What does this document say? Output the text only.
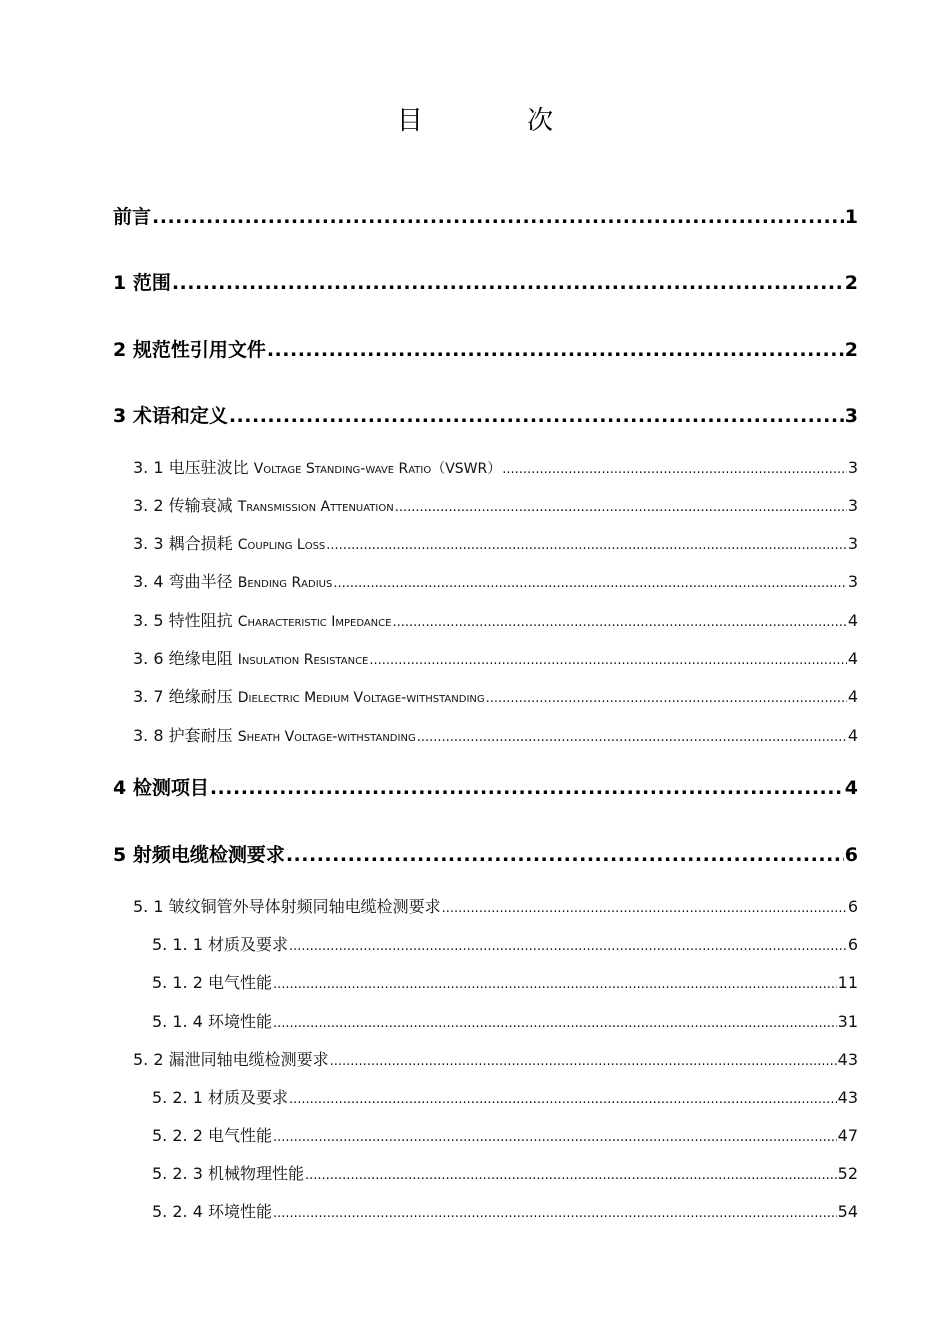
目 次
前言 .....	1
1 范围 .....	2
2 规范性引用文件 .....	2
3 术语和定义 .....	3
3. 1 电压驻波比 Voltage Standing-wave Ratio（VSWR） .....	3
3. 2 传输衰减 Transmission Attenuation .....	3
3. 3 耦合损耗 Coupling Loss .....	3
3. 4 弯曲半径 Bending Radius .....	3
3. 5 特性阻抗 Characteristic Impedance .....	4
3. 6 绝缘电阻 Insulation Resistance .....	4
3. 7 绝缘耐压 Dielectric Medium Voltage-withstanding .....	4
3. 8 护套耐压 Sheath Voltage-withstanding .....	4
4 检测项目 .....	4
5 射频电缆检测要求 .....	6
5. 1 皱纹铜管外导体射频同轴电缆检测要求 .....	6
5. 1. 1 材质及要求 .....	6
5. 1. 2 电气性能 .....	11
5. 1. 4 环境性能 .....	31
5. 2 漏泄同轴电缆检测要求 .....	43
5. 2. 1 材质及要求 .....	43
5. 2. 2 电气性能 .....	47
5. 2. 3 机械物理性能 .....	52
5. 2. 4 环境性能 .....	54
